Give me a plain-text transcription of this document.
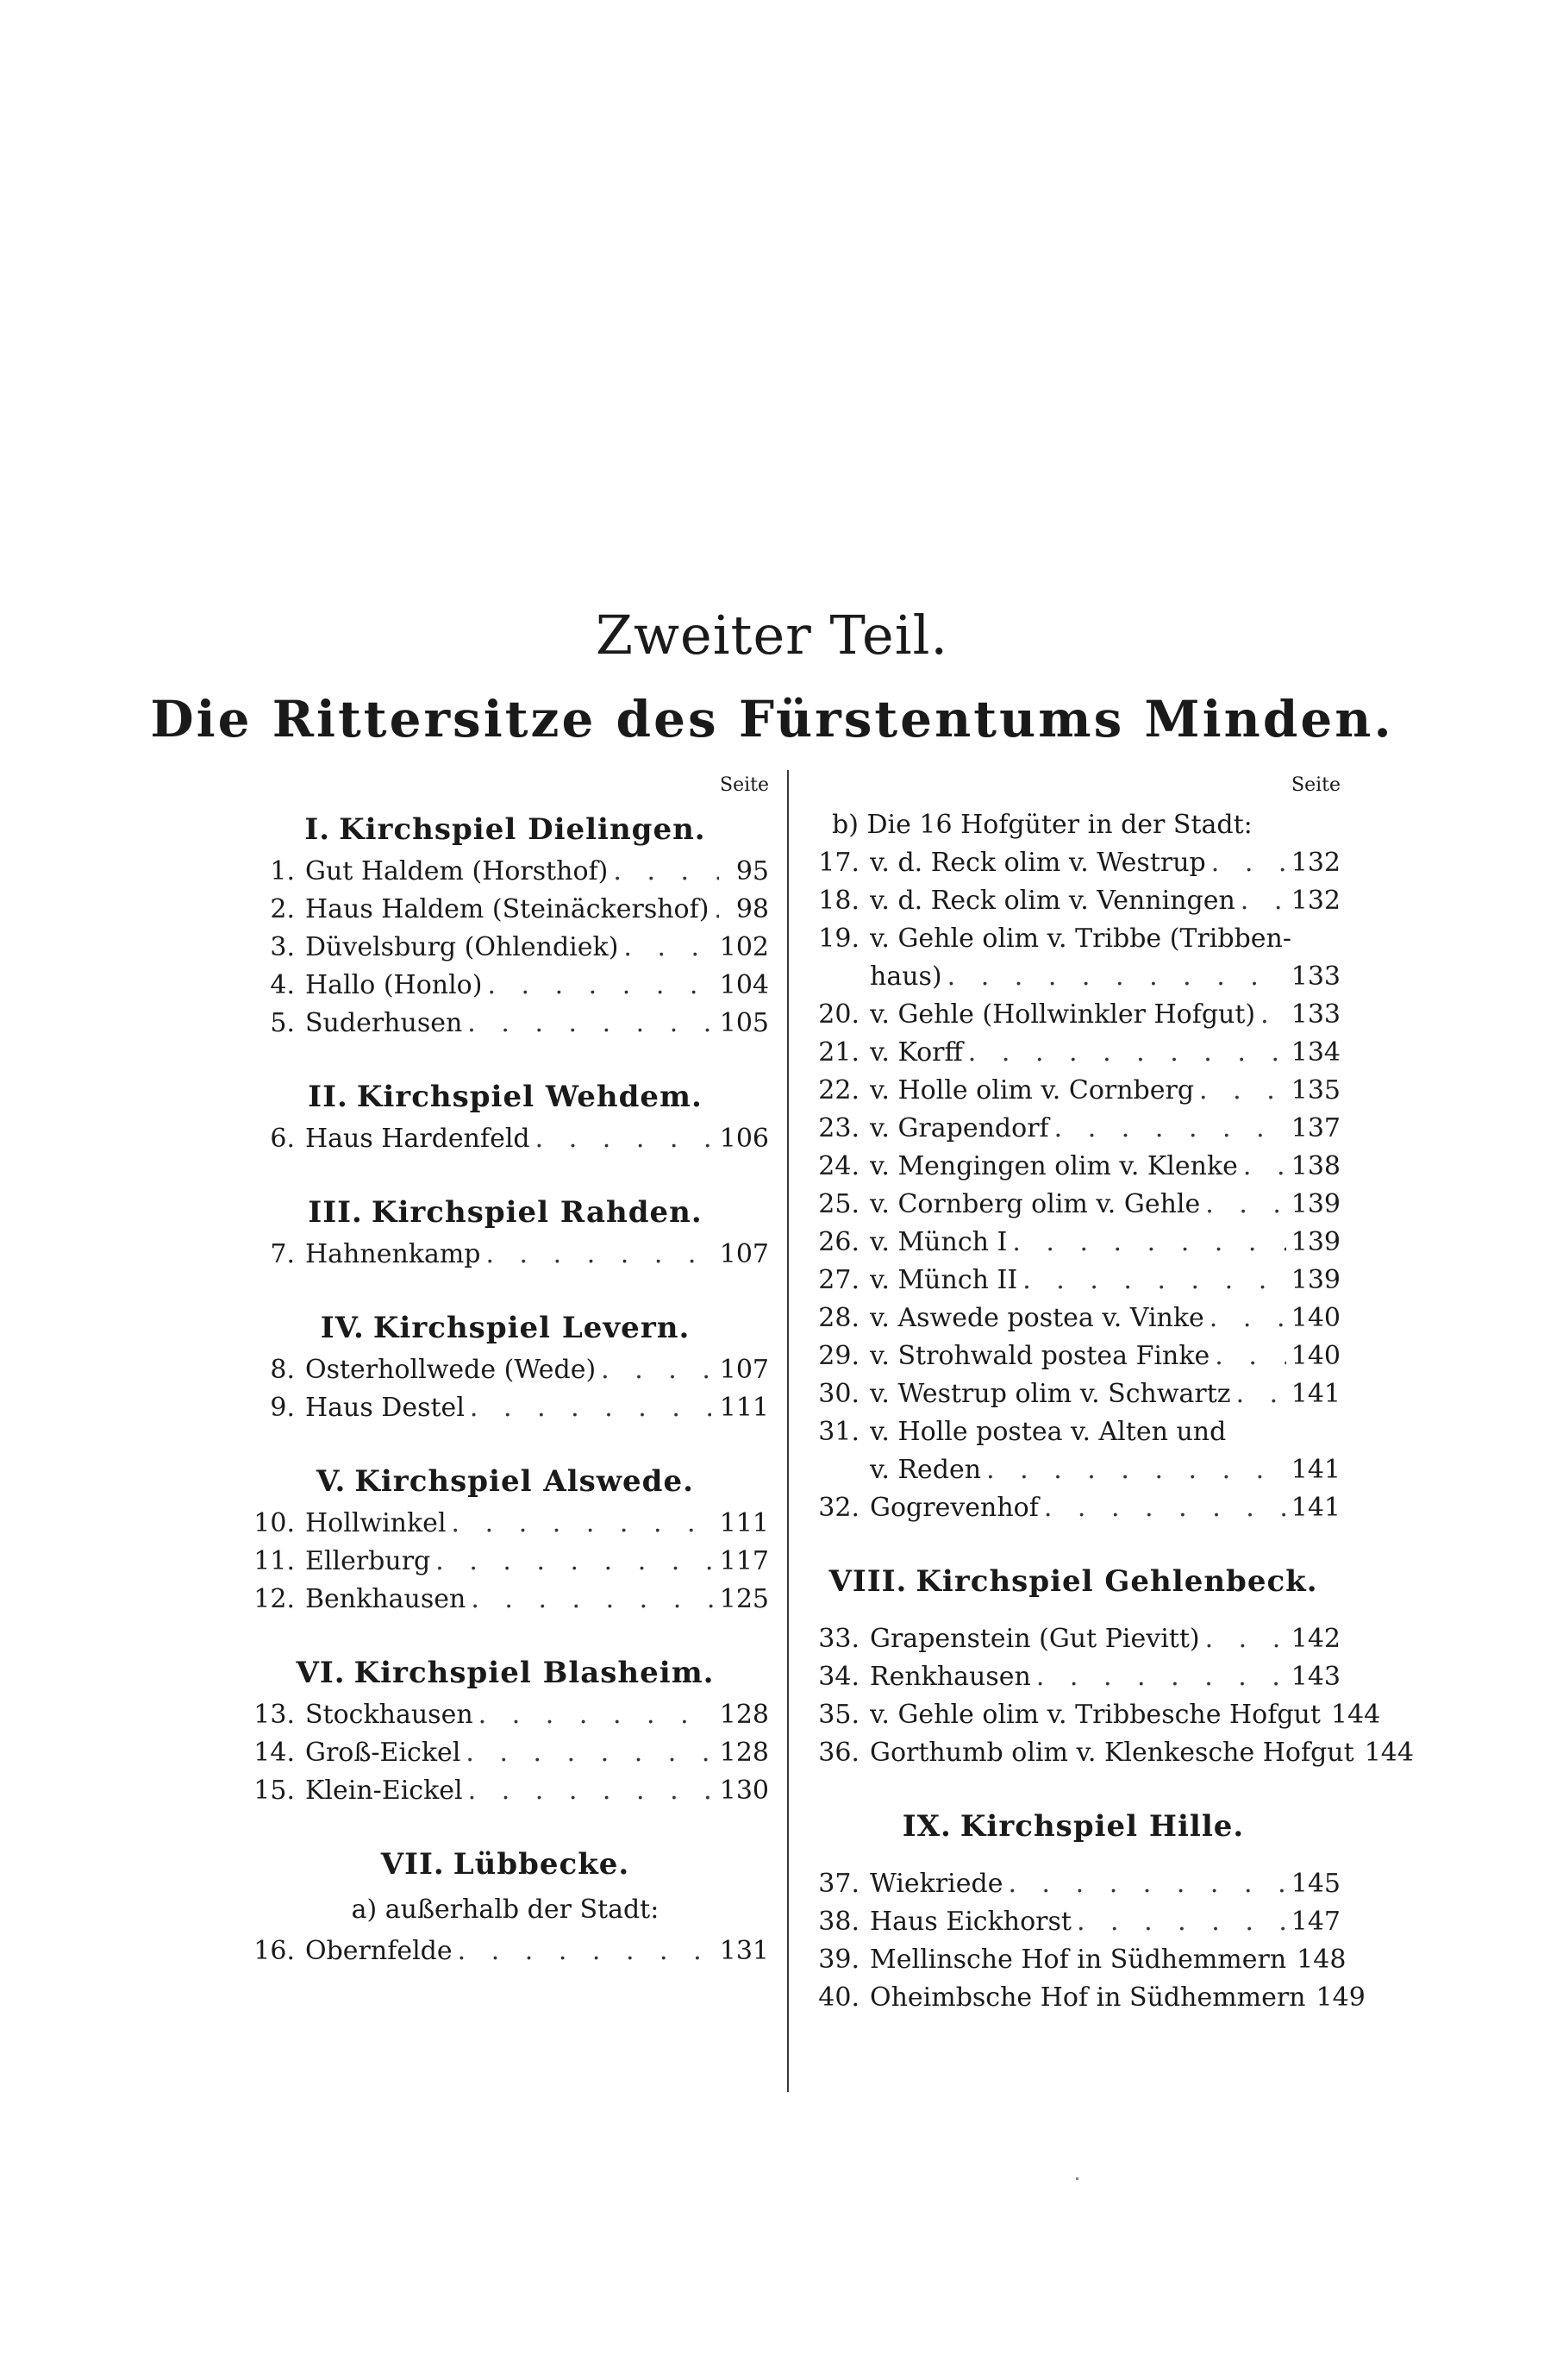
Zweiter Teil.
Die Rittersitze des Fürstentums Minden.
Seite
I. Kirchspiel Dielingen.
1. Gut Haldem (Horsthof) . . .	95
2. Haus Haldem (Steinäckershof) . . .	98
3. Düvelsburg (Ohlendiek) . . .	102
4. Hallo (Honlo) . . .	104
5. Suderhusen . . .	105
II. Kirchspiel Wehdem.
6. Haus Hardenfeld . . .	106
III. Kirchspiel Rahden.
7. Hahnenkamp . . .	107
IV. Kirchspiel Levern.
8. Osterhollwede (Wede) . . .	107
9. Haus Destel . . .	111
V. Kirchspiel Alswede.
10. Hollwinkel . . .	111
11. Ellerburg . . .	117
12. Benkhausen . . .	125
VI. Kirchspiel Blasheim.
13. Stockhausen . . .	128
14. Groß-Eickel . . .	128
15. Klein-Eickel . . .	130
VII. Lübbecke.
a) außerhalb der Stadt:
16. Obernfelde . . .	131
Seite
b) Die 16 Hofgüter in der Stadt:
17. v. d. Reck olim v. Westrup . . .	132
18. v. d. Reck olim v. Venningen . . . 132
19. v. Gehle olim v. Tribbe (Tribben-
haus) . . .	133
20. v. Gehle (Hollwinkler Hofgut) . . . 133
21. v. Korff . . .	134
22. v. Holle olim v. Cornberg . . .	135
23. v. Grapendorf . . .	137
24. v. Mengingen olim v. Klenke . . . 138
25. v. Cornberg olim v. Gehle . . .	139
26. v. Münch I . . .	139
27. v. Münch II . . .	139
28. v. Aswede postea v. Vinke . . .	140
29. v. Strohwald postea Finke . . .	140
30. v. Westrup olim v. Schwartz . . . 141
31. v. Holle postea v. Alten und
v. Reden . . .	141
32. Gogrevenhof . . .	141
VIII. Kirchspiel Gehlenbeck.
33. Grapenstein (Gut Pievitt) . . .	142
34. Renkhausen . . .	143
35. v. Gehle olim v. Tribbesche Hofgut 144
36. Gorthumb olim v. Klenkesche Hofgut 144
IX. Kirchspiel Hille.
37. Wiekriede . . .	145
38. Haus Eickhorst . . .	147
39. Mellinsche Hof in Südhemmern 148
40. Oheimbsche Hof in Südhemmern 149
